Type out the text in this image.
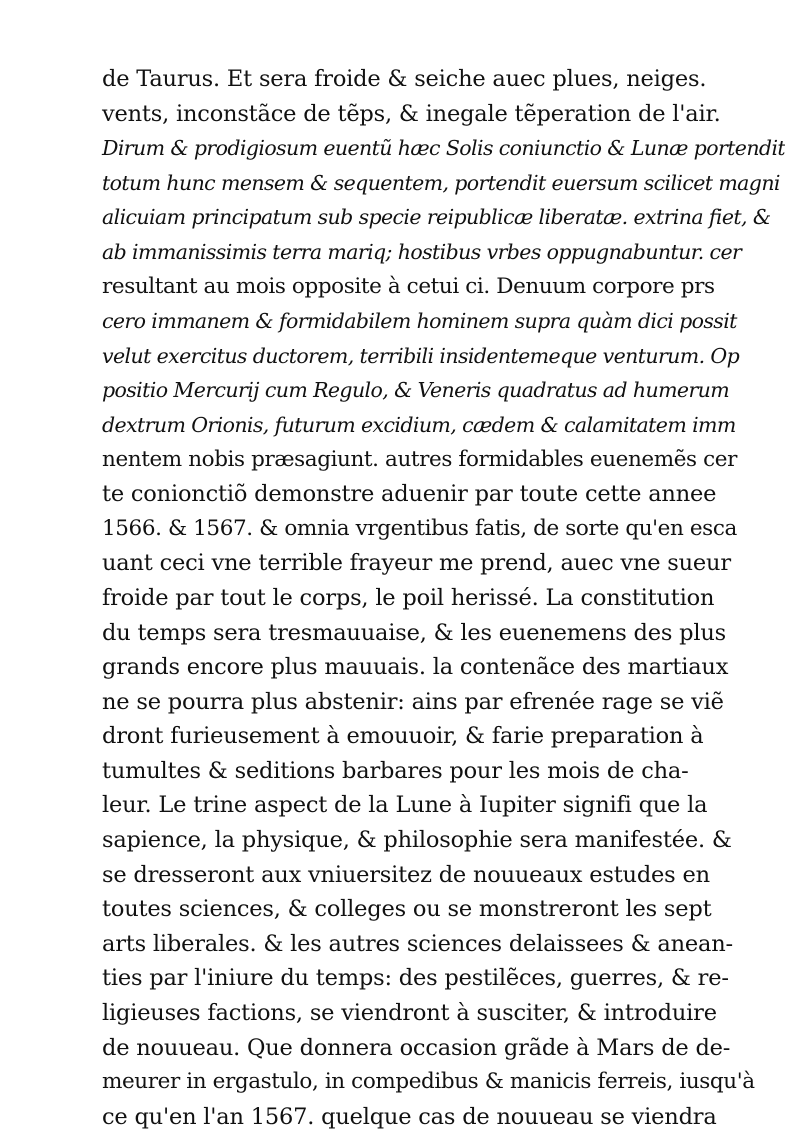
de Taurus. Et sera froide & seiche auec plues, neiges.
vents, inconstãce de tẽps, & inegale tẽperation de l'air.
Dirum & prodigiosum euentũ hæc Solis coniunctio & Lunæ portendit
totum hunc mensem & sequentem, portendit euersum scilicet magni
alicuiam principatum sub specie reipublicæ liberatæ. extrina fiet, &
ab immanissimis terra mariq; hostibus vrbes oppugnabuntur. cer
resultant au mois opposite à cetui ci. Denuum corpore prs
cero immanem & formidabilem hominem supra quàm dici possit
velut exercitus ductorem, terribili insidentemeque venturum. Op
positio Mercurij cum Regulo, & Veneris quadratus ad humerum
dextrum Orionis, futurum excidium, cædem & calamitatem imm
nentem nobis præsagiunt. autres formidables euenemẽs cer
te conionctiõ demonstre aduenir par toute cette annee
1566. & 1567. & omnia vrgentibus fatis, de sorte qu'en esca
uant ceci vne terrible frayeur me prend, auec vne sueur
froide par tout le corps, le poil herissé. La constitution
du temps sera tresmauuaise, & les euenemens des plus
grands encore plus mauuais. la contenãce des martiaux
ne se pourra plus abstenir: ains par efrenée rage se viẽ
dront furieusement à emouuoir, & farie preparation à
tumultes & seditions barbares pour les mois de cha-
leur. Le trine aspect de la Lune à Iupiter signifi que la
sapience, la physique, & philosophie sera manifestée. &
se dresseront aux vniuersitez de nouueaux estudes en
toutes sciences, & colleges ou se monstreront les sept
arts liberales. & les autres sciences delaissees & anean-
ties par l'iniure du temps: des pestilẽces, guerres, & re-
ligieuses factions, se viendront à susciter, & introduire
de nouueau. Que donnera occasion grãde à Mars de de-
meurer in ergastulo, in compedibus & manicis ferreis, iusqu'à
ce qu'en l'an 1567. quelque cas de nouueau se viendra
